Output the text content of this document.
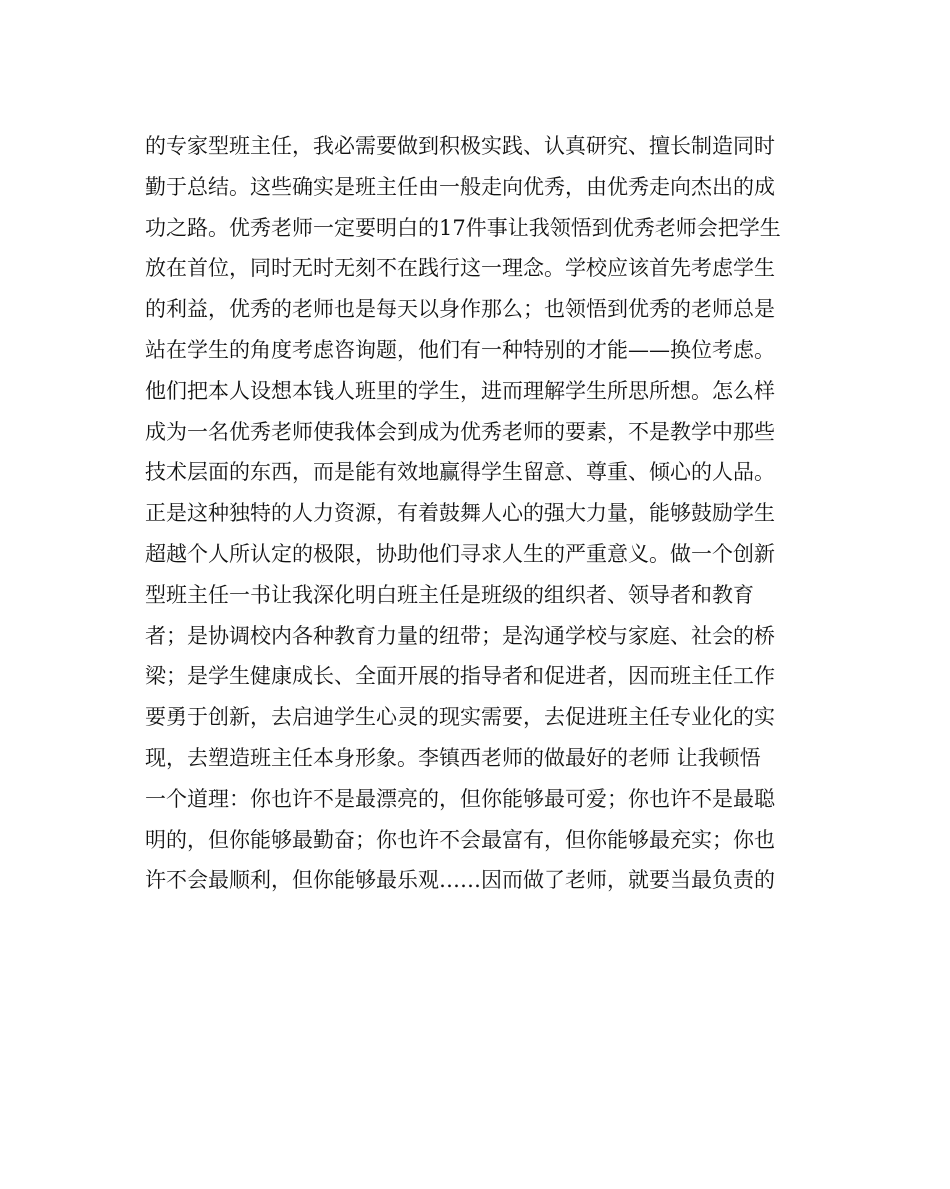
的专家型班主任，我必需要做到积极实践、认真研究、擅长制造同时
勤于总结。这些确实是班主任由一般走向优秀，由优秀走向杰出的成
功之路。优秀老师一定要明白的17件事让我领悟到优秀老师会把学生
放在首位，同时无时无刻不在践行这一理念。学校应该首先考虑学生
的利益，优秀的老师也是每天以身作那么；也领悟到优秀的老师总是
站在学生的角度考虑咨询题，他们有一种特别的才能——换位考虑。
他们把本人设想本钱人班里的学生，进而理解学生所思所想。怎么样
成为一名优秀老师使我体会到成为优秀老师的要素，不是教学中那些
技术层面的东西，而是能有效地赢得学生留意、尊重、倾心的人品。
正是这种独特的人力资源，有着鼓舞人心的强大力量，能够鼓励学生
超越个人所认定的极限，协助他们寻求人生的严重意义。做一个创新
型班主任一书让我深化明白班主任是班级的组织者、领导者和教育
者；是协调校内各种教育力量的纽带；是沟通学校与家庭、社会的桥
梁；是学生健康成长、全面开展的指导者和促进者，因而班主任工作
要勇于创新，去启迪学生心灵的现实需要，去促进班主任专业化的实
现，去塑造班主任本身形象。李镇西老师的做最好的老师 让我顿悟
一个道理：你也许不是最漂亮的，但你能够最可爱；你也许不是最聪
明的，但你能够最勤奋；你也许不会最富有，但你能够最充实；你也
许不会最顺利，但你能够最乐观……因而做了老师，就要当最负责的
